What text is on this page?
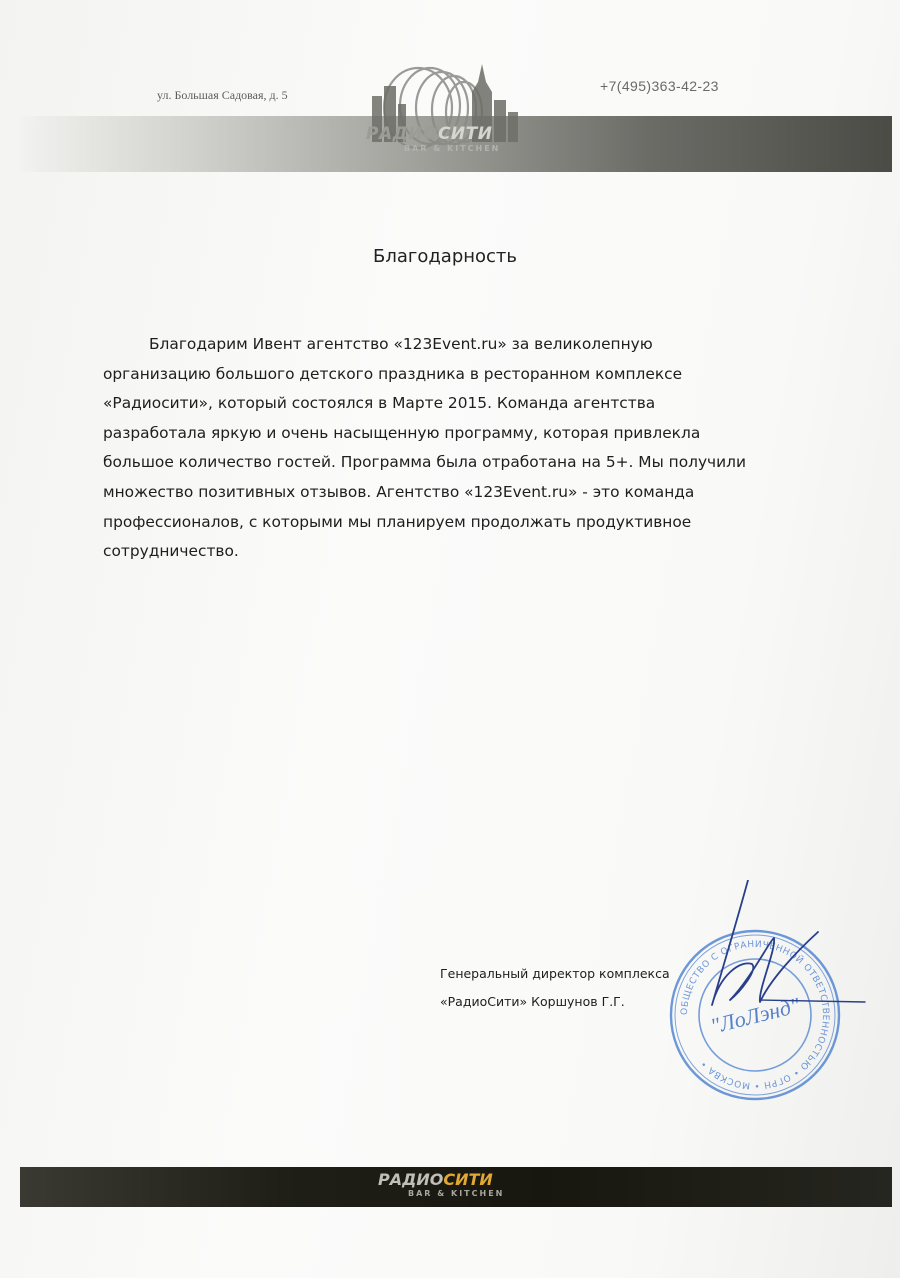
РАДИОСИТИ
BAR & KITCHEN
ул. Большая Садовая, д. 5
+7(495)363-42-23
Благодарность

Благодарим Ивент агентство «123Event.ru» за великолепную организацию большого детского праздника в ресторанном комплексе «Радиосити», который состоялся в Марте 2015. Команда агентства разработала яркую и очень насыщенную программу, которая привлекла большое количество гостей. Программа была отработана на 5+. Мы получили множество позитивных отзывов. Агентство «123Event.ru» - это команда профессионалов, с которыми мы планируем продолжать продуктивное сотрудничество.

ОБЩЕСТВО С ОГРАНИЧЕННОЙ ОТВЕТСТВЕННОСТЬЮ • ОГРН • МОСКВА •
"ЛоЛэнд"
Генеральный директор комплекса
«РадиоСити» Коршунов Г.Г.
РАДИОСИТИ
BAR & KITCHEN
